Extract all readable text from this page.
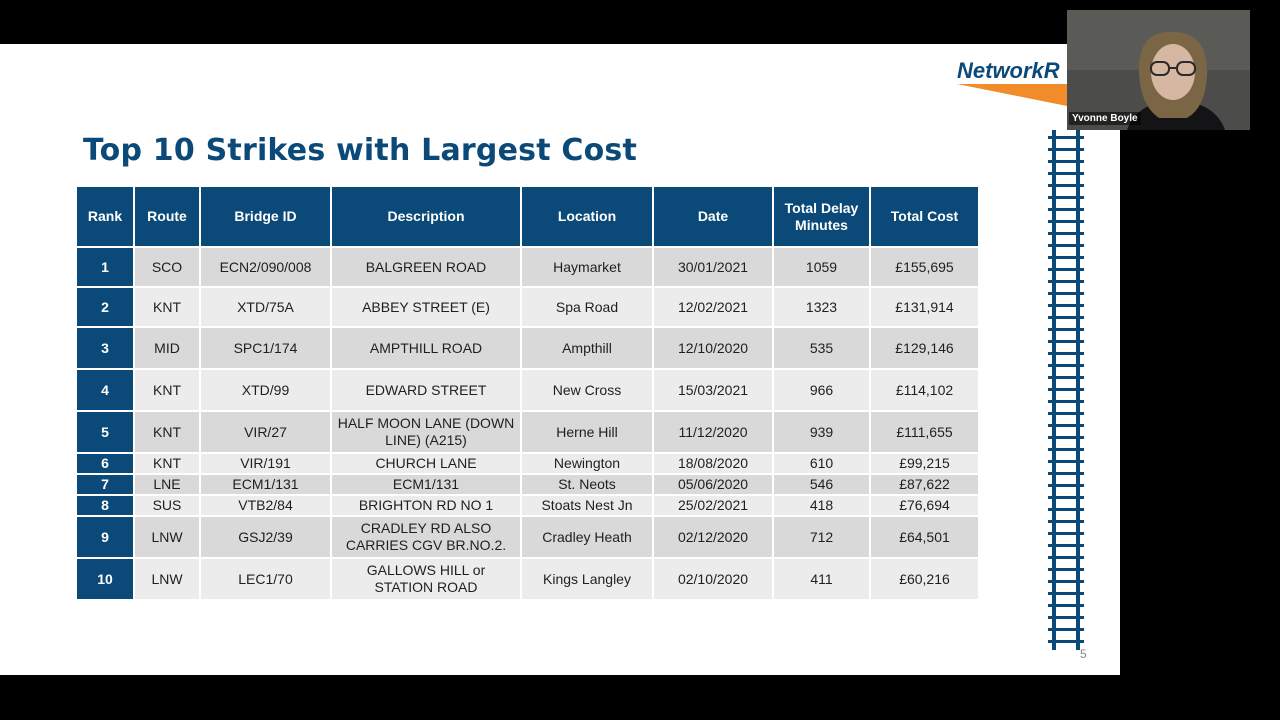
NetworkR
Top 10 Strikes with Largest Cost
Rank	Route	Bridge ID	Description	Location	Date	Total Delay
Minutes	Total Cost
1	SCO	ECN2/090/008	BALGREEN ROAD	Haymarket	30/01/2021	1059	£155,695
2	KNT	XTD/75A	ABBEY STREET (E)	Spa Road	12/02/2021	1323	£131,914
3	MID	SPC1/174	AMPTHILL ROAD	Ampthill	12/10/2020	535	£129,146
4	KNT	XTD/99	EDWARD STREET	New Cross	15/03/2021	966	£114,102
5	KNT	VIR/27	HALF MOON LANE (DOWN
LINE) (A215)	Herne Hill	11/12/2020	939	£111,655
6	KNT	VIR/191	CHURCH LANE	Newington	18/08/2020	610	£99,215
7	LNE	ECM1/131	ECM1/131	St. Neots	05/06/2020	546	£87,622
8	SUS	VTB2/84	BRIGHTON RD NO 1	Stoats Nest Jn	25/02/2021	418	£76,694
9	LNW	GSJ2/39	CRADLEY RD ALSO
CARRIES CGV BR.NO.2.	Cradley Heath	02/12/2020	712	£64,501
10	LNW	LEC1/70	GALLOWS HILL or
STATION ROAD	Kings Langley	02/10/2020	411	£60,216
5
Yvonne Boyle
